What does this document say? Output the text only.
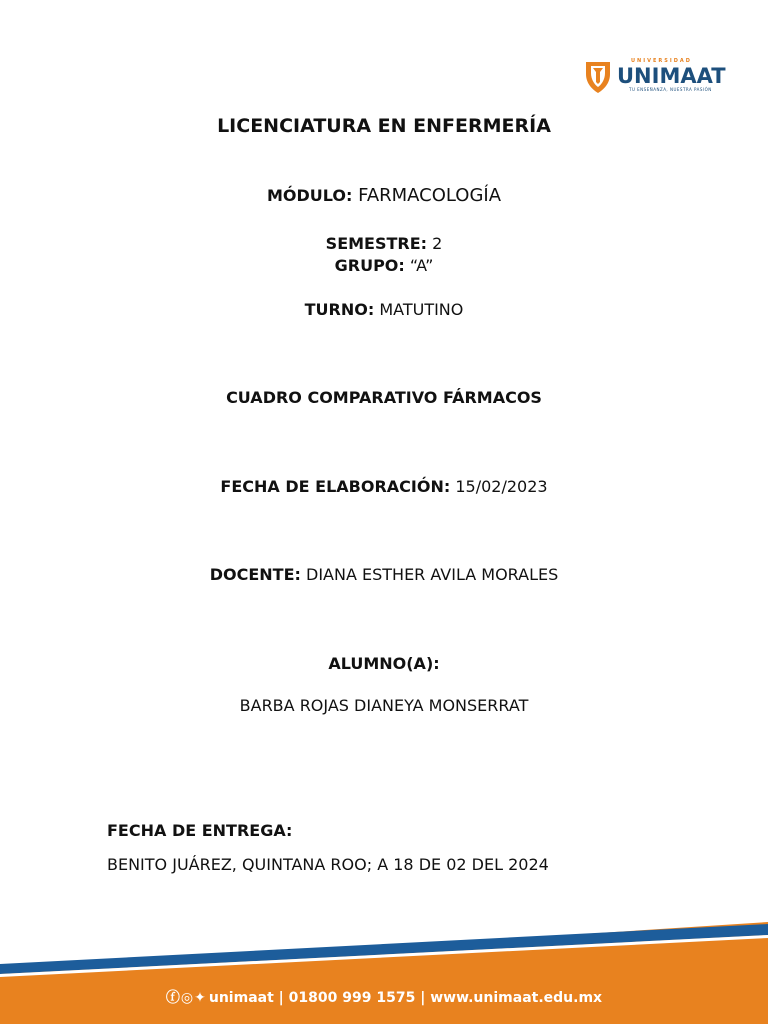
UNIVERSIDAD
UNIMAAT
TU ENSEÑANZA, NUESTRA PASIÓN
LICENCIATURA EN ENFERMERÍA
MÓDULO: FARMACOLOGÍA
SEMESTRE: 2
GRUPO: “A”
TURNO: MATUTINO
CUADRO COMPARATIVO FÁRMACOS
FECHA DE ELABORACIÓN: 15/02/2023
DOCENTE: DIANA ESTHER AVILA MORALES
ALUMNO(A):
BARBA ROJAS DIANEYA MONSERRAT
FECHA DE ENTREGA:
BENITO JUÁREZ, QUINTANA ROO; A 18 DE 02 DEL 2024
ⓕ◎✦ unimaat | 01800 999 1575 | www.unimaat.edu.mx
